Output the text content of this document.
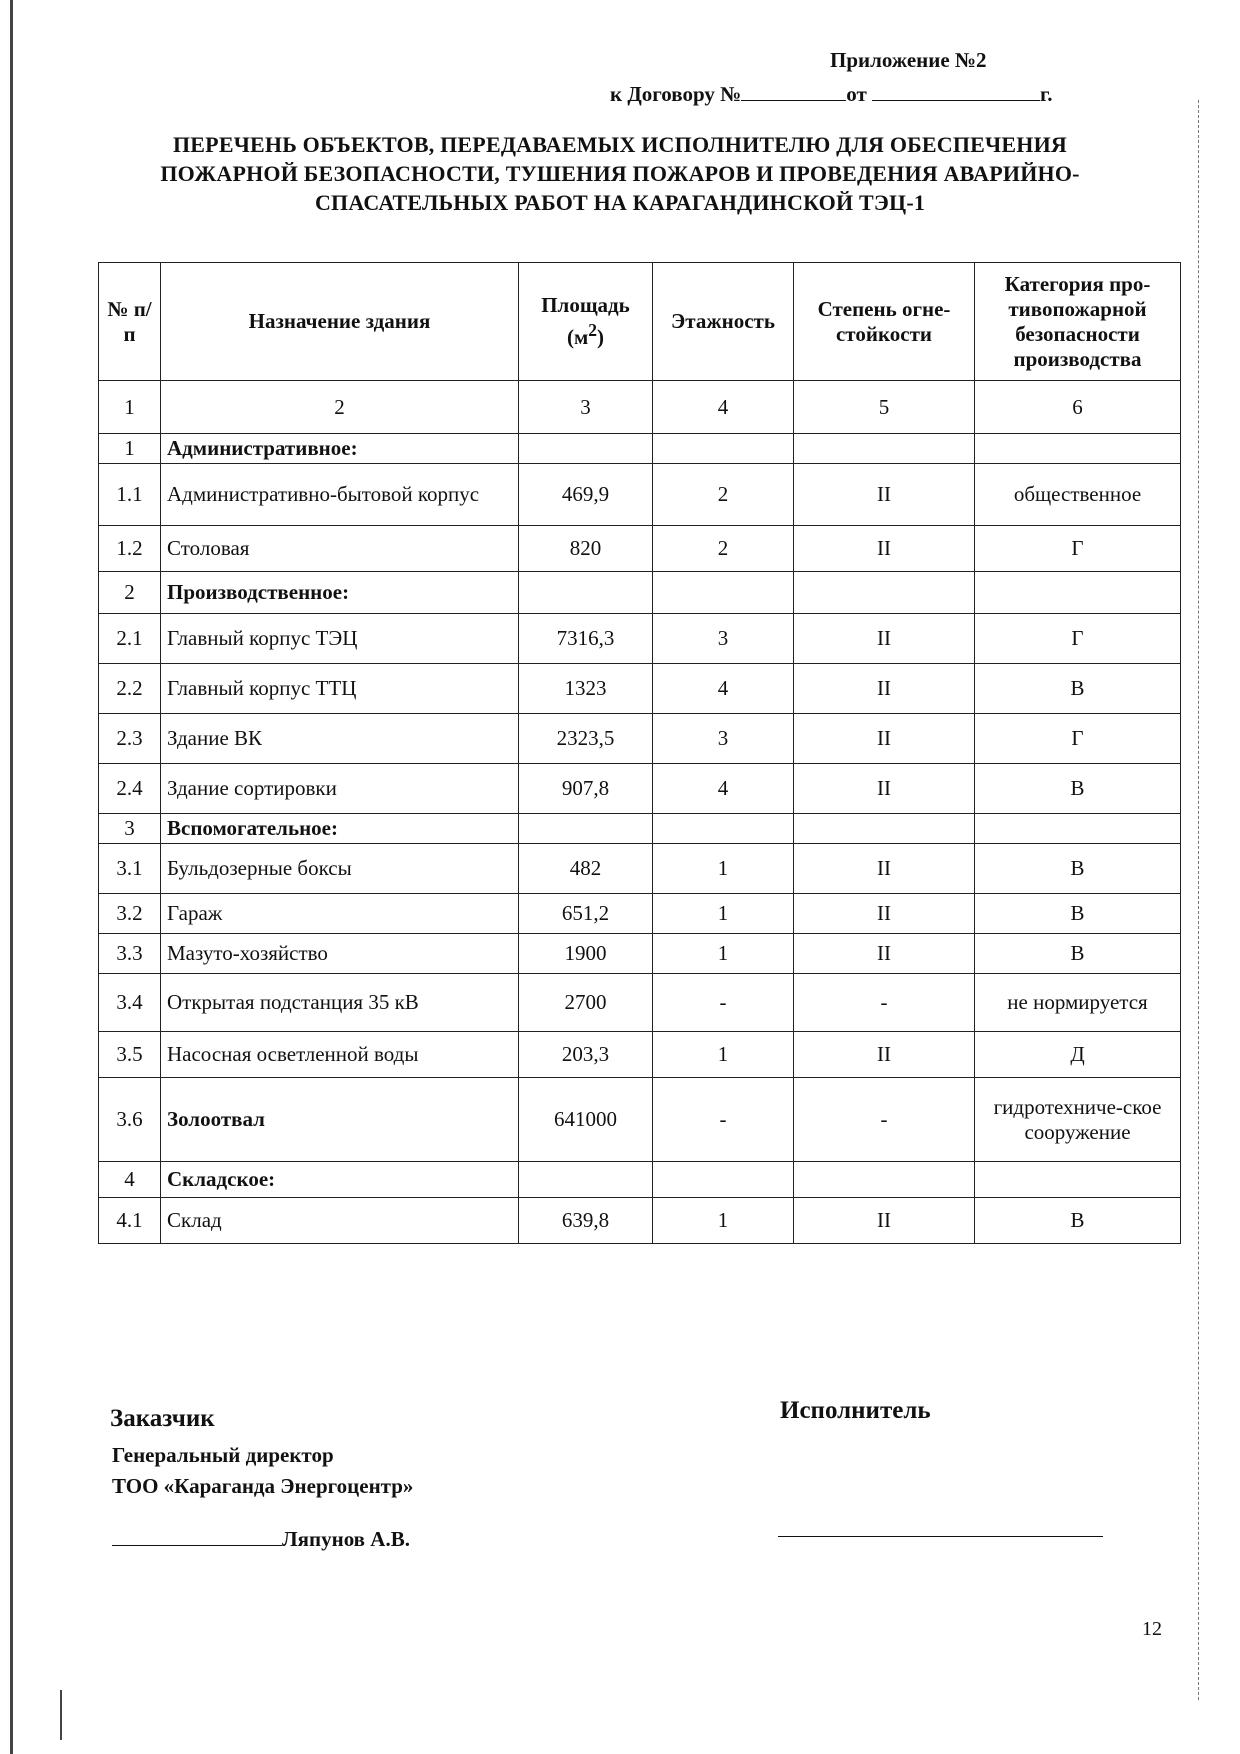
Приложение №2
к Договору №	от	г.
ПЕРЕЧЕНЬ ОБЪЕКТОВ, ПЕРЕДАВАЕМЫХ ИСПОЛНИТЕЛЮ ДЛЯ ОБЕСПЕЧЕНИЯ
ПОЖАРНОЙ БЕЗОПАСНОСТИ, ТУШЕНИЯ ПОЖАРОВ И ПРОВЕДЕНИЯ АВАРИЙНО-
СПАСАТЕЛЬНЫХ РАБОТ НА КАРАГАНДИНСКОЙ ТЭЦ-1
№ п/п	Назначение здания	Площадь $(м^2)$	Этажность	Степень огне-стойкости	Категория про-тивопожарной безопасности производства
1	2	3	4	5	6
1	Административное:				
1.1	Административно-бытовой корпус	469,9	2	II	общественное
1.2	Столовая	820	2	II	Г
2	Производственное:				
2.1	Главный корпус ТЭЦ	7316,3	3	II	Г
2.2	Главный корпус ТТЦ	1323	4	II	В
2.3	Здание ВК	2323,5	3	II	Г
2.4	Здание сортировки	907,8	4	II	В
3	Вспомогательное:				
3.1	Бульдозерные боксы	482	1	II	В
3.2	Гараж	651,2	1	II	В
3.3	Мазуто-хозяйство	1900	1	II	В
3.4	Открытая подстанция 35 кВ	2700	-	-	не нормируется
3.5	Насосная осветленной воды	203,3	1	II	Д
3.6	Золоотвал	641000	-	-	гидротехниче-ское сооружение
4	Складское:				
4.1	Склад	639,8	1	II	В
Заказчик
Генеральный директор
ТОО «Караганда Энергоцентр»
Ляпунов А.В.
Исполнитель
12
